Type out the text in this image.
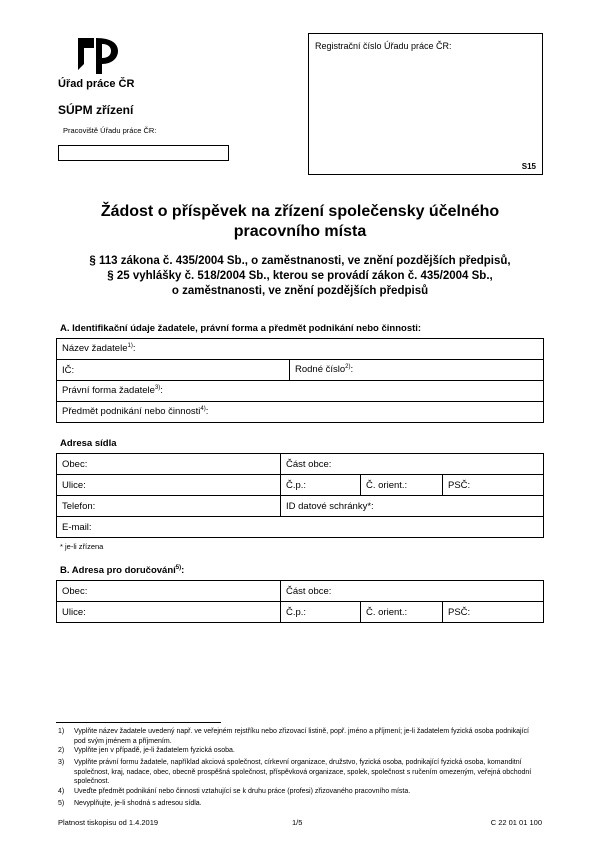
Úřad práce ČR
SÚPM zřízení
Pracoviště Úřadu práce ČR:
Registrační číslo Úřadu práce ČR:
S15
Žádost o příspěvek na zřízení společensky účelného
pracovního místa
§ 113 zákona č. 435/2004 Sb., o zaměstnanosti, ve znění pozdějších předpisů,
§ 25 vyhlášky č. 518/2004 Sb., kterou se provádí zákon č. 435/2004 Sb.,
o zaměstnanosti, ve znění pozdějších předpisů
A. Identifikační údaje žadatele, právní forma a předmět podnikání nebo činnosti:
Název žadatele$^{1)}$:
IČ:	Rodné číslo$^{2)}$:
Právní forma žadatele$^{3)}$:
Předmět podnikání nebo činnosti$^{4)}$:
Adresa sídla
Obec:	Část obce:		
Ulice:	Č.p.:	Č. orient.:	PSČ:
Telefon:	ID datové schránky*:		
E-mail:			
* je-li zřízena
B. Adresa pro doručování$^{5)}$:
Obec:	Část obce:		
Ulice:	Č.p.:	Č. orient.:	PSČ:
1) Vyplňte název žadatele uvedený např. ve veřejném rejstříku nebo zřizovací listině, popř. jméno a příjmení; je-li žadatelem fyzická osoba podnikající pod svým jménem a příjmením.
2) Vyplňte jen v případě, je-li žadatelem fyzická osoba.
3) Vyplňte právní formu žadatele, například akciová společnost, církevní organizace, družstvo, fyzická osoba, podnikající fyzická osoba, komanditní společnost, kraj, nadace, obec, obecně prospěšná společnost, příspěvková organizace, spolek, společnost s ručením omezeným, veřejná obchodní společnost.
4) Uveďte předmět podnikání nebo činnosti vztahující se k druhu práce (profesi) zřizovaného pracovního místa.
5) Nevyplňujte, je-li shodná s adresou sídla.
Platnost tiskopisu od 1.4.2019	1/5	C 22 01 01 100
